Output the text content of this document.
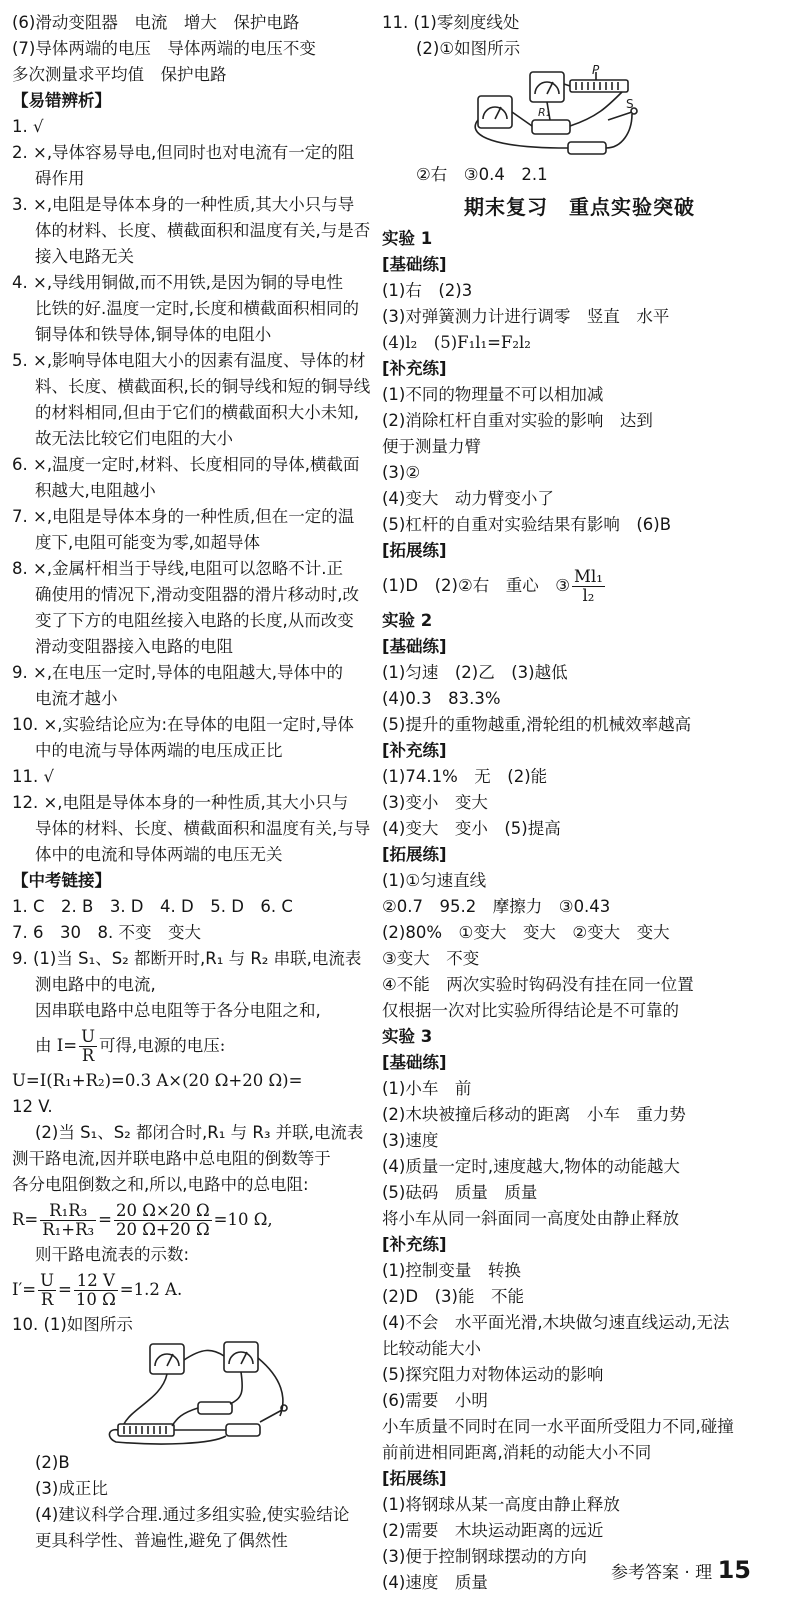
(6)滑动变阻器　电流　增大　保护电路
(7)导体两端的电压　导体两端的电压不变
多次测量求平均值　保护电路
【易错辨析】
1. √
2. ×,导体容易导电,但同时也对电流有一定的阻
碍作用
3. ×,电阻是导体本身的一种性质,其大小只与导
体的材料、长度、横截面积和温度有关,与是否
接入电路无关
4. ×,导线用铜做,而不用铁,是因为铜的导电性
比铁的好.温度一定时,长度和横截面积相同的
铜导体和铁导体,铜导体的电阻小
5. ×,影响导体电阻大小的因素有温度、导体的材
料、长度、横截面积,长的铜导线和短的铜导线
的材料相同,但由于它们的横截面积大小未知,
故无法比较它们电阻的大小
6. ×,温度一定时,材料、长度相同的导体,横截面
积越大,电阻越小
7. ×,电阻是导体本身的一种性质,但在一定的温
度下,电阻可能变为零,如超导体
8. ×,金属杆相当于导线,电阻可以忽略不计.正
确使用的情况下,滑动变阻器的滑片移动时,改
变了下方的电阻丝接入电路的长度,从而改变
滑动变阻器接入电路的电阻
9. ×,在电压一定时,导体的电阻越大,导体中的
电流才越小
10. ×,实验结论应为:在导体的电阻一定时,导体
中的电流与导体两端的电压成正比
11. √
12. ×,电阻是导体本身的一种性质,其大小只与
导体的材料、长度、横截面积和温度有关,与导
体中的电流和导体两端的电压无关
【中考链接】
1. C　2. B　3. D　4. D　5. D　6. C
7. 6　30　8. 不变　变大
9. (1)当 S₁、S₂ 都断开时,R₁ 与 R₂ 串联,电流表
测电路中的电流,
因串联电路中总电阻等于各分电阻之和,
由 $I= \frac{U}{R}$ 可得,电源的电压:
U=I(R₁+R₂)=0.3 A×(20 Ω+20 Ω)=
12 V.
(2)当 S₁、S₂ 都闭合时,R₁ 与 R₃ 并联,电流表
测干路电流,因并联电路中总电阻的倒数等于
各分电阻倒数之和,所以,电路中的总电阻:
$R= \frac{\text{R₁R₃}}{\text{R₁+R₃}} = \frac{20 \Omega\times 20 \Omega}{20 \Omega+20 \Omega} =10$ Ω,
则干路电流表的示数:
$I'= \frac{U}{R} = \frac{12 V}{10 \Omega} =1.2$ A.
10. (1)如图所示
(2)B
(3)成正比
(4)建议科学合理.通过多组实验,使实验结论
更具科学性、普遍性,避免了偶然性
11. (1)零刻度线处
(2)①如图所示
P
R₁
S
②右　③0.4　2.1
期末复习　重点实验突破
实验 1
[基础练]
(1)右　(2)3
(3)对弹簧测力计进行调零　竖直　水平
(4)l₂　(5)F₁l₁=F₂l₂
[补充练]
(1)不同的物理量不可以相加减
(2)消除杠杆自重对实验的影响　达到
便于测量力臂
(3)②
(4)变大　动力臂变小了
(5)杠杆的自重对实验结果有影响　(6)B
[拓展练]
(1)D　(2)②右　重心　③ $\frac{\text{Ml₁}}{\text{l₂}}$
实验 2
[基础练]
(1)匀速　(2)乙　(3)越低
(4)0.3　83.3%
(5)提升的重物越重,滑轮组的机械效率越高
[补充练]
(1)74.1%　无　(2)能
(3)变小　变大
(4)变大　变小　(5)提高
[拓展练]
(1)①匀速直线
②0.7　95.2　摩擦力　③0.43
(2)80%　①变大　变大　②变大　变大
③变大　不变
④不能　两次实验时钩码没有挂在同一位置
仅根据一次对比实验所得结论是不可靠的
实验 3
[基础练]
(1)小车　前
(2)木块被撞后移动的距离　小车　重力势
(3)速度
(4)质量一定时,速度越大,物体的动能越大
(5)砝码　质量　质量
将小车从同一斜面同一高度处由静止释放
[补充练]
(1)控制变量　转换
(2)D　(3)能　不能
(4)不会　水平面光滑,木块做匀速直线运动,无法
比较动能大小
(5)探究阻力对物体运动的影响
(6)需要　小明
小车质量不同时在同一水平面所受阻力不同,碰撞
前前进相同距离,消耗的动能大小不同
[拓展练]
(1)将钢球从某一高度由静止释放
(2)需要　木块运动距离的远近
(3)便于控制钢球摆动的方向
(4)速度　质量	参考答案 · 理 15
